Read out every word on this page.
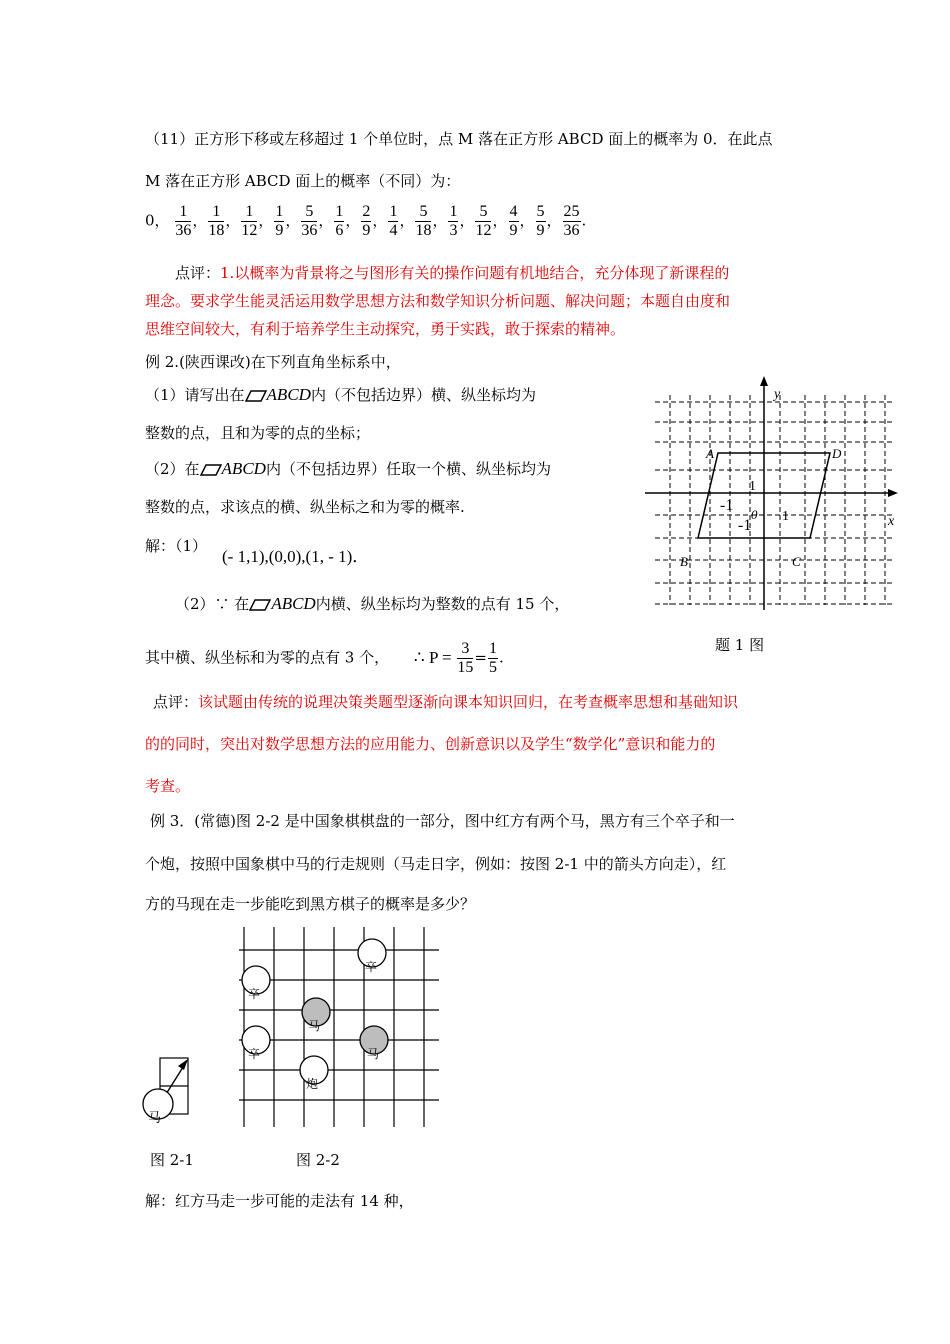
（11）正方形下移或左移超过 1 个单位时，点 M 落在正方形 ABCD 面上的概率为 0．在此点
M 落在正方形 ABCD 面上的概率（不同）为：
0， $\frac{1}{36}$ ， $\frac{1}{18}$ ， $\frac{1}{12}$ ， $\frac{1}{9}$ ， $\frac{5}{36}$ ， $\frac{1}{6}$ ， $\frac{2}{9}$ ， $\frac{1}{4}$ ， $\frac{5}{18}$ ， $\frac{1}{3}$ ， $\frac{5}{12}$ ， $\frac{4}{9}$ ， $\frac{5}{9}$ ， $\frac{25}{36}$ .
点评：1.以概率为背景将之与图形有关的操作问题有机地结合，充分体现了新课程的
理念。要求学生能灵活运用数学思想方法和数学知识分析问题、解决问题；本题自由度和
思维空间较大，有利于培养学生主动探究，勇于实践，敢于探索的精神。
例 2.(陕西课改)在下列直角坐标系中，
（1）请写出在 ABCD内（不包括边界）横、纵坐标均为
整数的点，且和为零的点的坐标；
（2）在 ABCD内（不包括边界）任取一个横、纵坐标均为
整数的点，求该点的横、纵坐标之和为零的概率.
解：（1）
(- 1,1),(0,0),(1, - 1)．
（2）∵ 在 ABCD内横、纵坐标均为整数的点有 15 个，
其中横、纵坐标和为零的点有 3 个， ∴ $P = \frac{3}{15} = \frac{1}{5}$ .
y
x
A	D
B	C
1
-1
0
-1
1
题 1 图
点评：该试题由传统的说理决策类题型逐渐向课本知识回归，在考查概率思想和基础知识
的的同时，突出对数学思想方法的应用能力、创新意识以及学生“数学化”意识和能力的
考查。
例 3．(常德)图 2-2 是中国象棋棋盘的一部分，图中红方有两个马，黑方有三个卒子和一
个炮，按照中国象棋中马的行走规则（马走日字，例如：按图 2-1 中的箭头方向走），红
方的马现在走一步能吃到黑方棋子的概率是多少？
马
卒
卒
卒
马
马
炮
图 2-1	图 2-2
解：红方马走一步可能的走法有 14 种，
